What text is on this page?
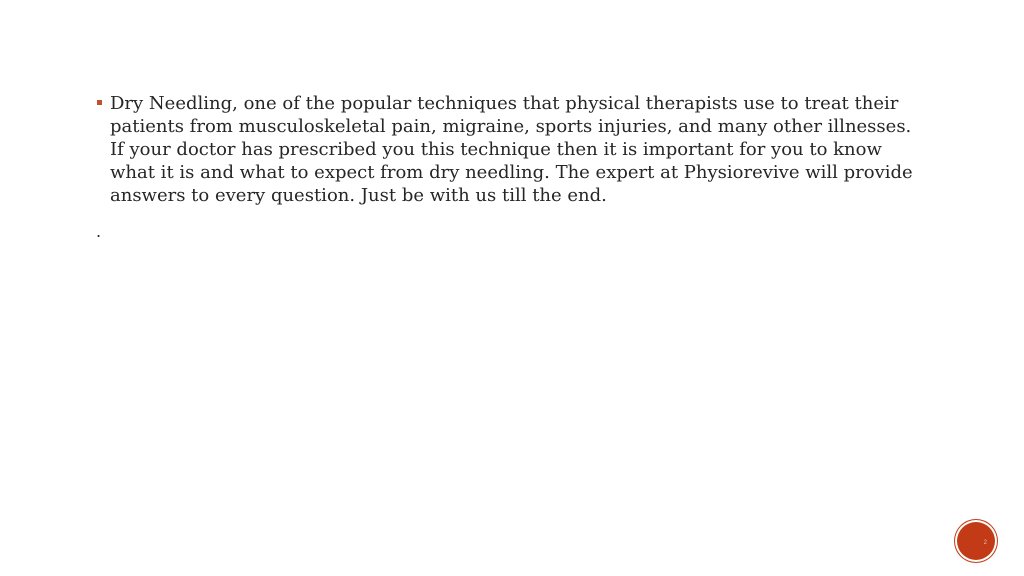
Dry Needling, one of the popular techniques that physical therapists use to treat their patients from musculoskeletal pain, migraine, sports injuries, and many other illnesses. If your doctor has prescribed you this technique then it is important for you to know what it is and what to expect from dry needling. The expert at Physiorevive will provide answers to every question. Just be with us till the end.
.
2
